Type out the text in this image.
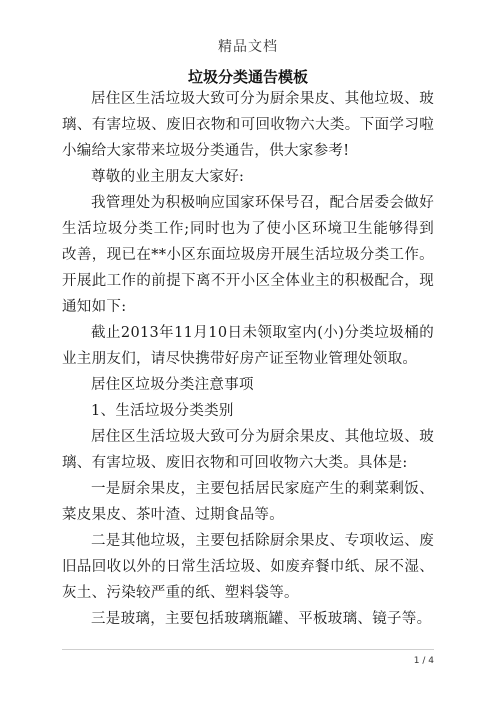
精品文档
垃圾分类通告模板

居住区生活垃圾大致可分为厨余果皮、其他垃圾、玻璃、有害垃圾、废旧衣物和可回收物六大类。下面学习啦小编给大家带来垃圾分类通告，供大家参考!

尊敬的业主朋友大家好:

我管理处为积极响应国家环保号召，配合居委会做好生活垃圾分类工作;同时也为了使小区环境卫生能够得到改善，现已在**小区东面垃圾房开展生活垃圾分类工作。开展此工作的前提下离不开小区全体业主的积极配合，现通知如下:

截止2013年11月10日未领取室内(小)分类垃圾桶的业主朋友们，请尽快携带好房产证至物业管理处领取。

居住区垃圾分类注意事项

1、生活垃圾分类类别

居住区生活垃圾大致可分为厨余果皮、其他垃圾、玻璃、有害垃圾、废旧衣物和可回收物六大类。具体是:

一是厨余果皮，主要包括居民家庭产生的剩菜剩饭、菜皮果皮、茶叶渣、过期食品等。

二是其他垃圾，主要包括除厨余果皮、专项收运、废旧品回收以外的日常生活垃圾、如废弃餐巾纸、尿不湿、灰土、污染较严重的纸、塑料袋等。

三是玻璃，主要包括玻璃瓶罐、平板玻璃、镜子等。

1 / 4
